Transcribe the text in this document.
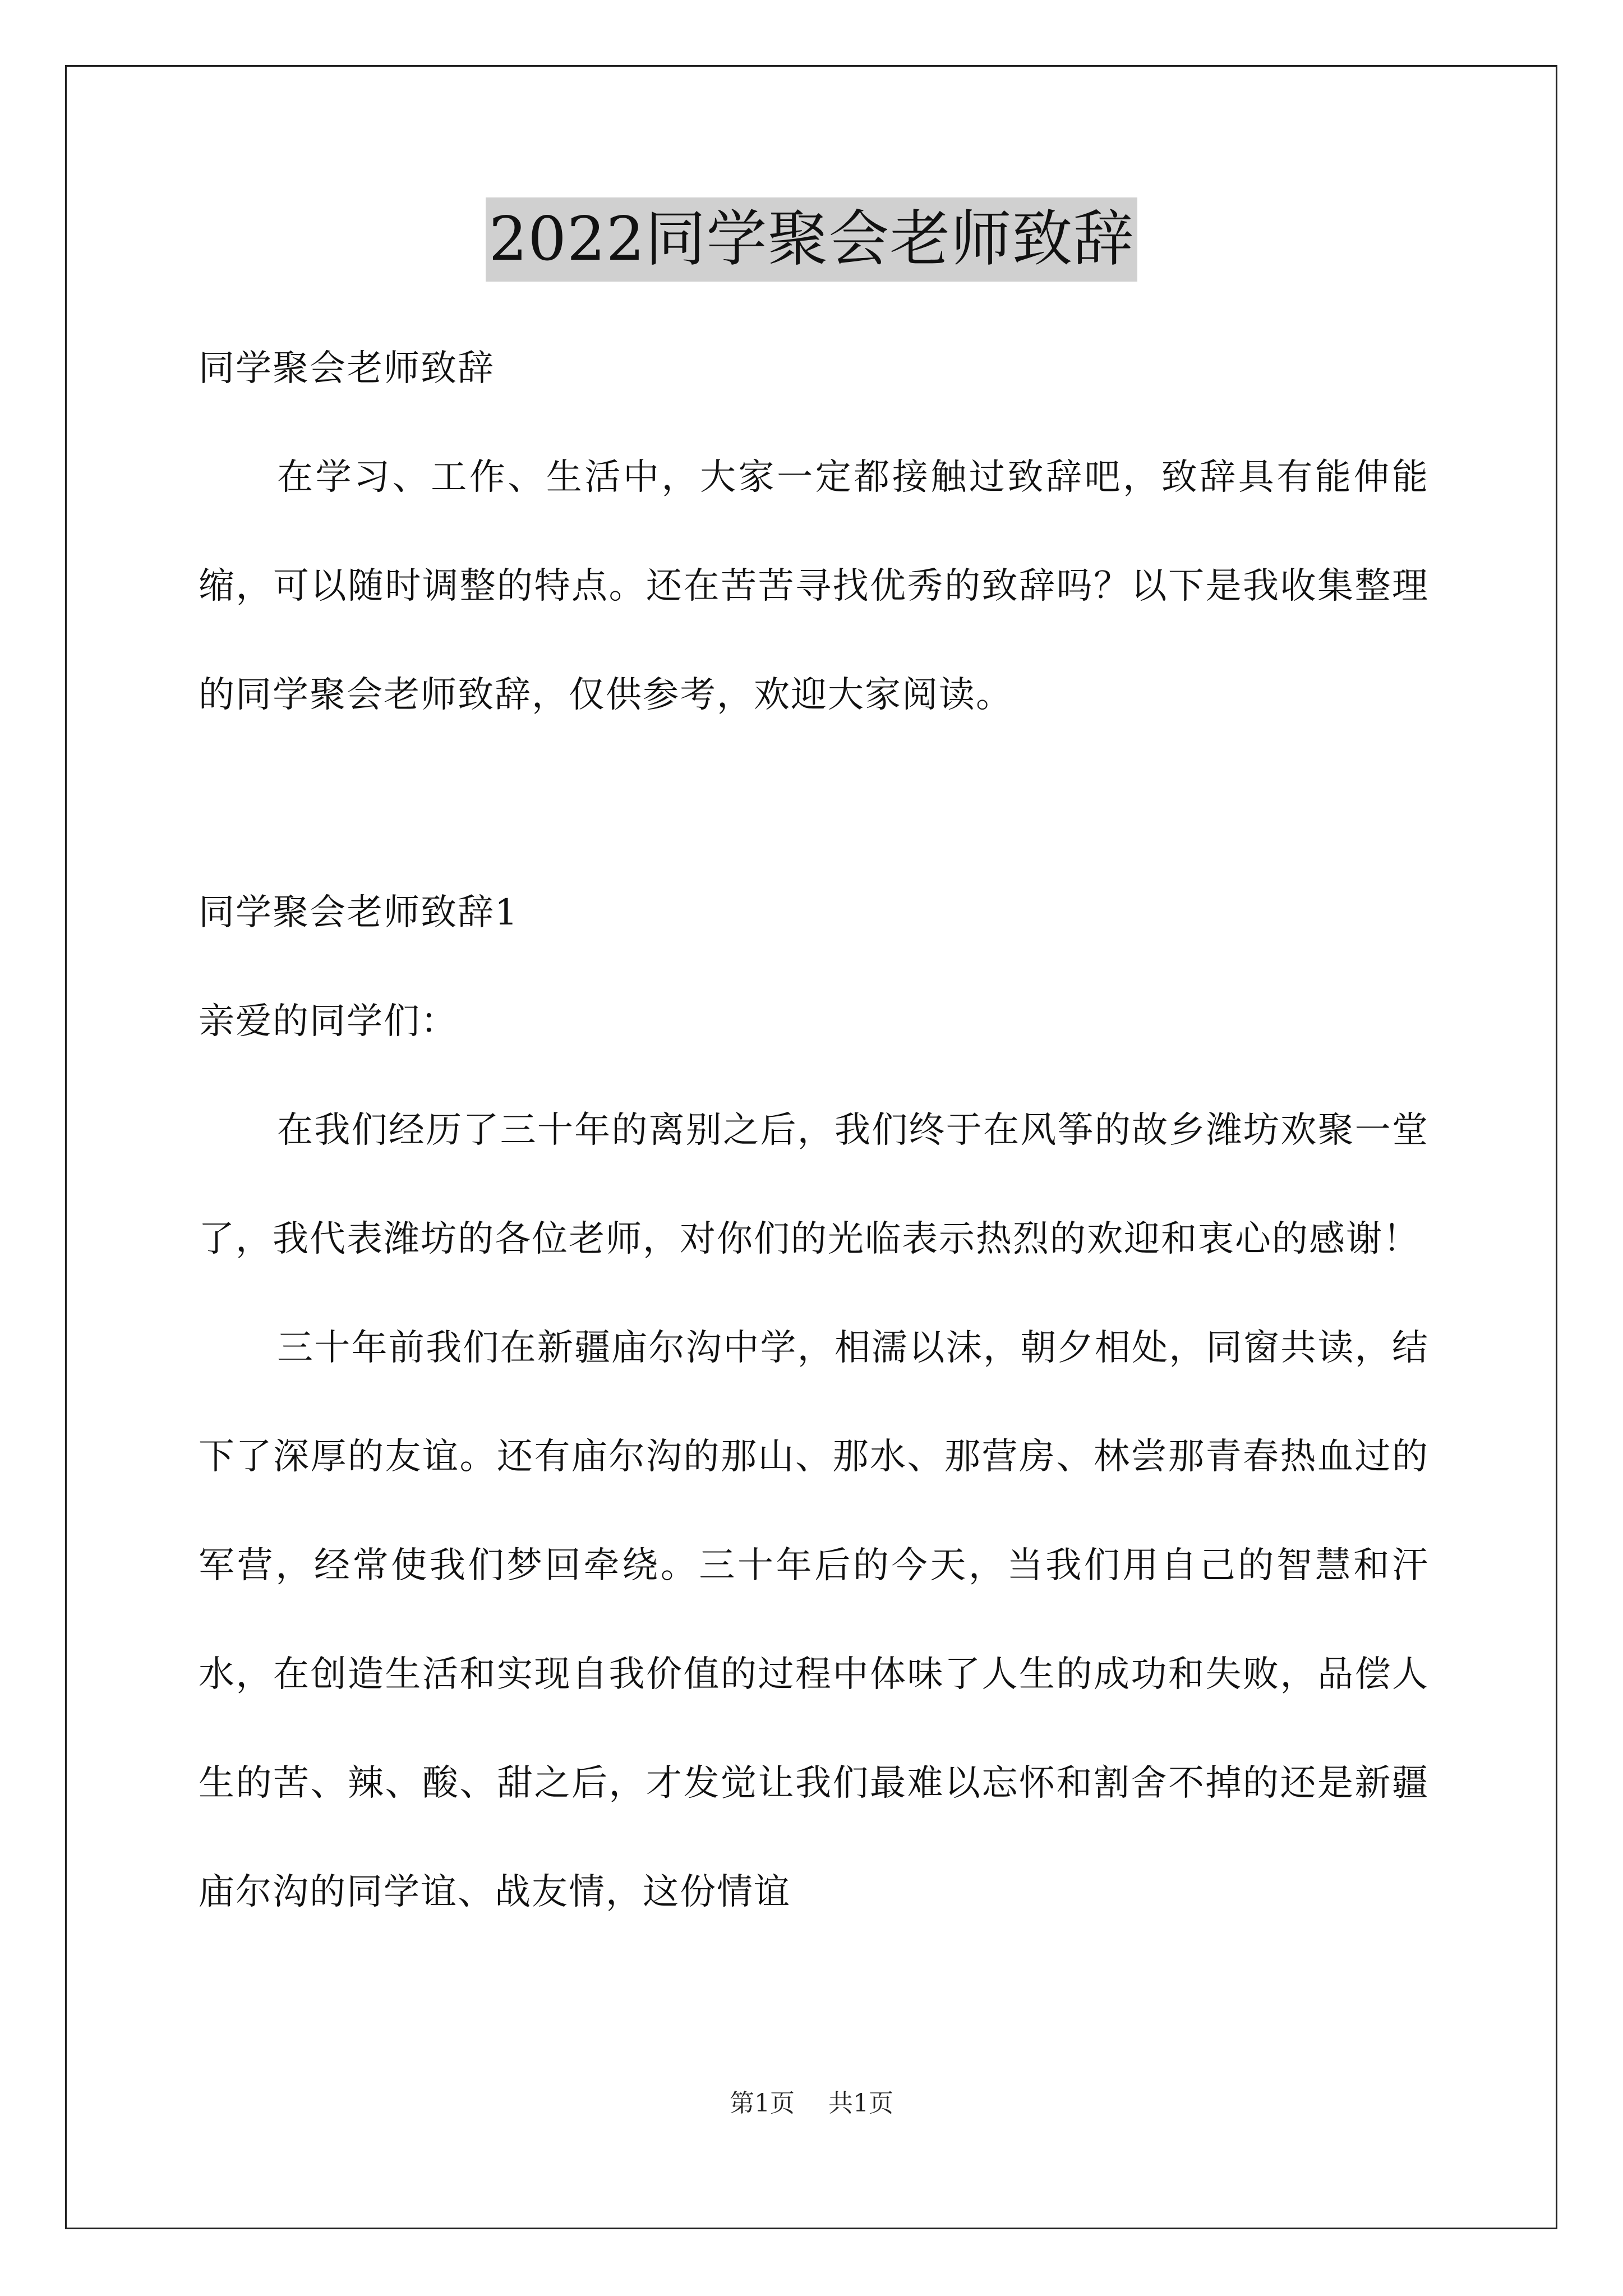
2022同学聚会老师致辞

同学聚会老师致辞

在学习、工作、生活中，大家一定都接触过致辞吧，致辞具有能伸能缩，可以随时调整的特点。还在苦苦寻找优秀的致辞吗？以下是我收集整理的同学聚会老师致辞，仅供参考，欢迎大家阅读。

同学聚会老师致辞1

亲爱的同学们：

在我们经历了三十年的离别之后，我们终于在风筝的故乡潍坊欢聚一堂了，我代表潍坊的各位老师，对你们的光临表示热烈的欢迎和衷心的感谢！

三十年前我们在新疆庙尔沟中学，相濡以沫，朝夕相处，同窗共读，结下了深厚的友谊。还有庙尔沟的那山、那水、那营房、林尝那青春热血过的军营，经常使我们梦回牵绕。三十年后的今天，当我们用自己的智慧和汗水，在创造生活和实现自我价值的过程中体味了人生的成功和失败，品偿人生的苦、辣、酸、甜之后，才发觉让我们最难以忘怀和割舍不掉的还是新疆庙尔沟的同学谊、战友情，这份情谊

第1页 共1页
